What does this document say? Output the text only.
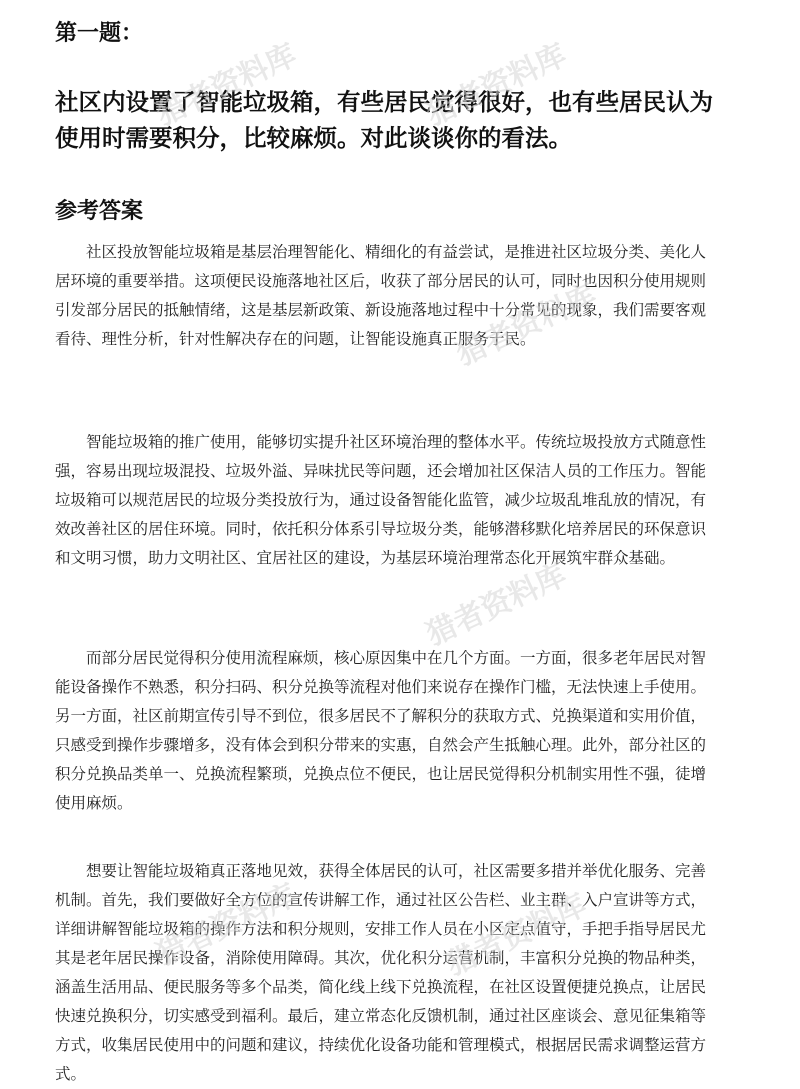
第一题：
社区内设置了智能垃圾箱，有些居民觉得很好，也有些居民认为使用时需要积分，比较麻烦。对此谈谈你的看法。
参考答案

社区投放智能垃圾箱是基层治理智能化、精细化的有益尝试，是推进社区垃圾分类、美化人居环境的重要举措。这项便民设施落地社区后，收获了部分居民的认可，同时也因积分使用规则引发部分居民的抵触情绪，这是基层新政策、新设施落地过程中十分常见的现象，我们需要客观看待、理性分析，针对性解决存在的问题，让智能设施真正服务于民。

智能垃圾箱的推广使用，能够切实提升社区环境治理的整体水平。传统垃圾投放方式随意性强，容易出现垃圾混投、垃圾外溢、异味扰民等问题，还会增加社区保洁人员的工作压力。智能垃圾箱可以规范居民的垃圾分类投放行为，通过设备智能化监管，减少垃圾乱堆乱放的情况，有效改善社区的居住环境。同时，依托积分体系引导垃圾分类，能够潜移默化培养居民的环保意识和文明习惯，助力文明社区、宜居社区的建设，为基层环境治理常态化开展筑牢群众基础。

而部分居民觉得积分使用流程麻烦，核心原因集中在几个方面。一方面，很多老年居民对智能设备操作不熟悉，积分扫码、积分兑换等流程对他们来说存在操作门槛，无法快速上手使用。另一方面，社区前期宣传引导不到位，很多居民不了解积分的获取方式、兑换渠道和实用价值，只感受到操作步骤增多，没有体会到积分带来的实惠，自然会产生抵触心理。此外，部分社区的积分兑换品类单一、兑换流程繁琐，兑换点位不便民，也让居民觉得积分机制实用性不强，徒增使用麻烦。

想要让智能垃圾箱真正落地见效，获得全体居民的认可，社区需要多措并举优化服务、完善机制。首先，我们要做好全方位的宣传讲解工作，通过社区公告栏、业主群、入户宣讲等方式，详细讲解智能垃圾箱的操作方法和积分规则，安排工作人员在小区定点值守，手把手指导居民尤其是老年居民操作设备，消除使用障碍。其次，优化积分运营机制，丰富积分兑换的物品种类，涵盖生活用品、便民服务等多个品类，简化线上线下兑换流程，在社区设置便捷兑换点，让居民快速兑换积分，切实感受到福利。最后，建立常态化反馈机制，通过社区座谈会、意见征集箱等方式，收集居民使用中的问题和建议，持续优化设备功能和管理模式，根据居民需求调整运营方式。

猎者资料库
猎者资料库
猎者资料库
猎者资料库
猎者资料库	猎者资料库
